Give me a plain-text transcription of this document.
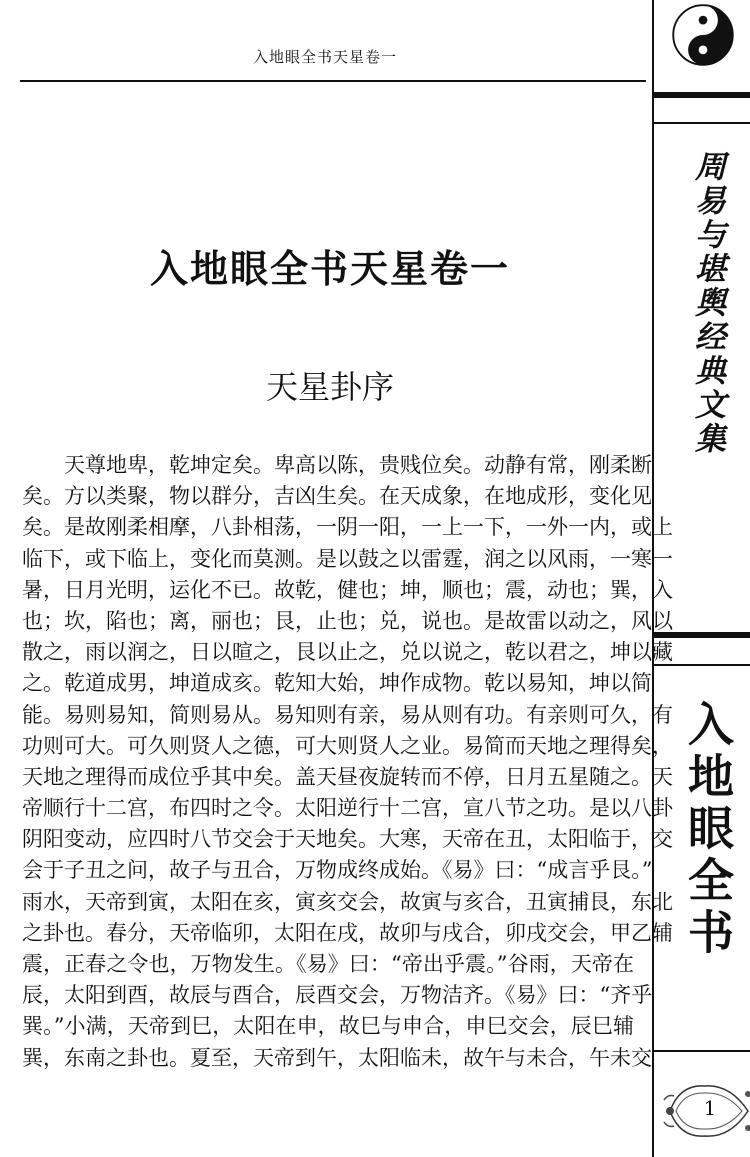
入地眼全书天星卷一
周易与堪舆经典文集
入地眼全书
1
入地眼全书天星卷一
天星卦序
天尊地卑，乾坤定矣。卑高以陈，贵贱位矣。动静有常，刚柔断
矣。方以类聚，物以群分，吉凶生矣。在天成象，在地成形，变化见
矣。是故刚柔相摩，八卦相荡，一阴一阳，一上一下，一外一内，或上
临下，或下临上，变化而莫测。是以鼓之以雷霆，润之以风雨，一寒一
暑，日月光明，运化不已。故乾，健也；坤，顺也；震，动也；巽，入
也；坎，陷也；离，丽也；艮，止也；兑，说也。是故雷以动之，风以
散之，雨以润之，日以暄之，艮以止之，兑以说之，乾以君之，坤以藏
之。乾道成男，坤道成亥。乾知大始，坤作成物。乾以易知，坤以简
能。易则易知，简则易从。易知则有亲，易从则有功。有亲则可久，有
功则可大。可久则贤人之德，可大则贤人之业。易简而天地之理得矣，
天地之理得而成位乎其中矣。盖天昼夜旋转而不停，日月五星随之。天
帝顺行十二宫，布四时之令。太阳逆行十二宫，宣八节之功。是以八卦
阴阳变动，应四时八节交会于天地矣。大寒，天帝在丑，太阳临于，交
会于子丑之问，故子与丑合，万物成终成始。《易》曰：“成言乎艮。”
雨水，天帝到寅，太阳在亥，寅亥交会，故寅与亥合，丑寅捕艮，东北
之卦也。春分，天帝临卯，太阳在戌，故卯与戌合，卯戌交会，甲乙辅
震，正春之令也，万物发生。《易》曰：“帝出乎震。”谷雨，天帝在
辰，太阳到酉，故辰与酉合，辰酉交会，万物洁齐。《易》曰：“齐乎
巽。”小满，天帝到巳，太阳在申，故巳与申合，申巳交会，辰巳辅
巽，东南之卦也。夏至，天帝到午，太阳临未，故午与未合，午未交
